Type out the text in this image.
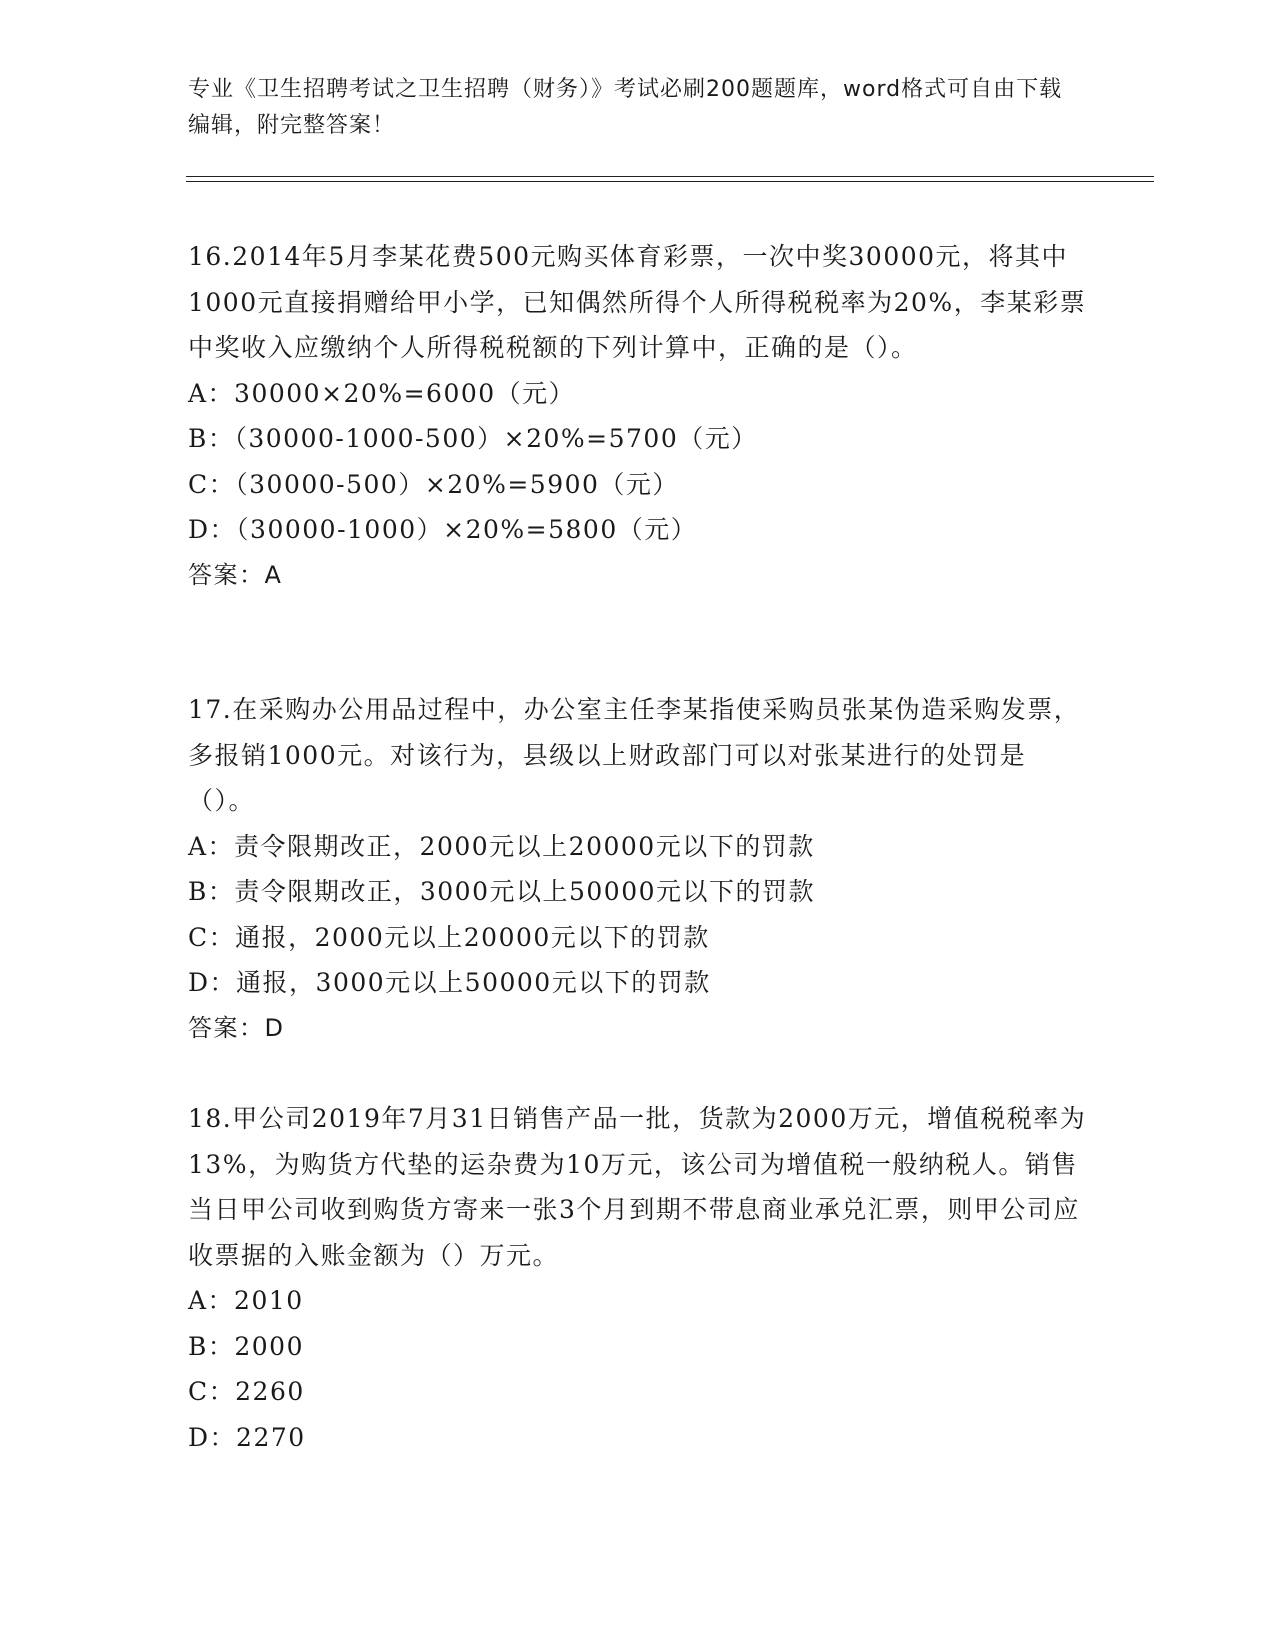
专业《卫生招聘考试之卫生招聘（财务）》考试必刷200题题库，word格式可自由下载编辑，附完整答案！
16.2014年5月李某花费500元购买体育彩票，一次中奖30000元，将其中1000元直接捐赠给甲小学，已知偶然所得个人所得税税率为20%，李某彩票中奖收入应缴纳个人所得税税额的下列计算中，正确的是（）。
A：30000×20%=6000（元）
B：（30000-1000-500）×20%=5700（元）
C：（30000-500）×20%=5900（元）
D：（30000-1000）×20%=5800（元）
答案：A
17.在采购办公用品过程中，办公室主任李某指使采购员张某伪造采购发票，多报销1000元。对该行为，县级以上财政部门可以对张某进行的处罚是（）。
A：责令限期改正，2000元以上20000元以下的罚款
B：责令限期改正，3000元以上50000元以下的罚款
C：通报，2000元以上20000元以下的罚款
D：通报，3000元以上50000元以下的罚款
答案：D
18.甲公司2019年7月31日销售产品一批，货款为2000万元，增值税税率为13%，为购货方代垫的运杂费为10万元，该公司为增值税一般纳税人。销售当日甲公司收到购货方寄来一张3个月到期不带息商业承兑汇票，则甲公司应收票据的入账金额为（）万元。
A：2010
B：2000
C：2260
D：2270
